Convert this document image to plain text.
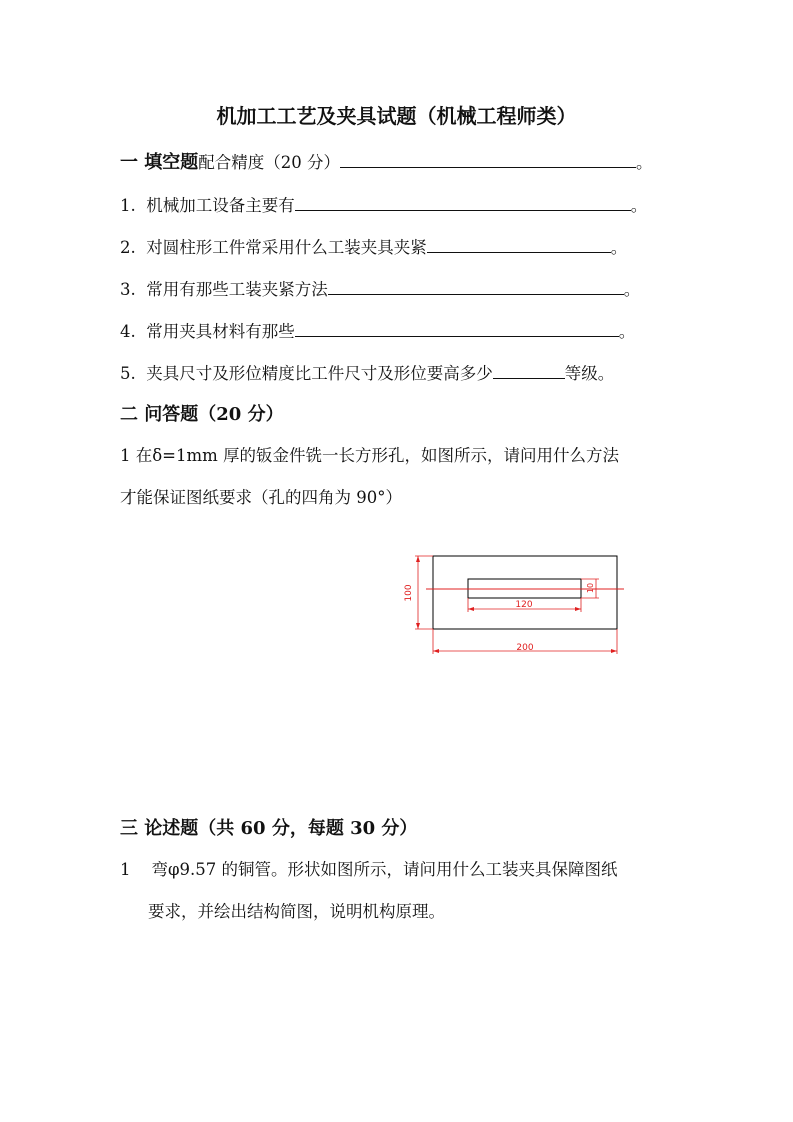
机加工工艺及夹具试题（机械工程师类）
一 填空题配合精度（20 分）	。
1. 机械加工设备主要有	。
2. 对圆柱形工件常采用什么工装夹具夹紧	。
3. 常用有那些工装夹紧方法	。
4. 常用夹具材料有那些	。
5. 夹具尺寸及形位精度比工件尺寸及形位要高多少	等级。
二 问答题（20 分）
1 在δ=1mm 厚的钣金件铣一长方形孔，如图所示，请问用什么方法
才能保证图纸要求（孔的四角为 90°）
100
120
10
200
三 论述题（共 60 分，每题 30 分）
1 弯φ9.57 的铜管。形状如图所示，请问用什么工装夹具保障图纸
要求，并绘出结构简图，说明机构原理。
